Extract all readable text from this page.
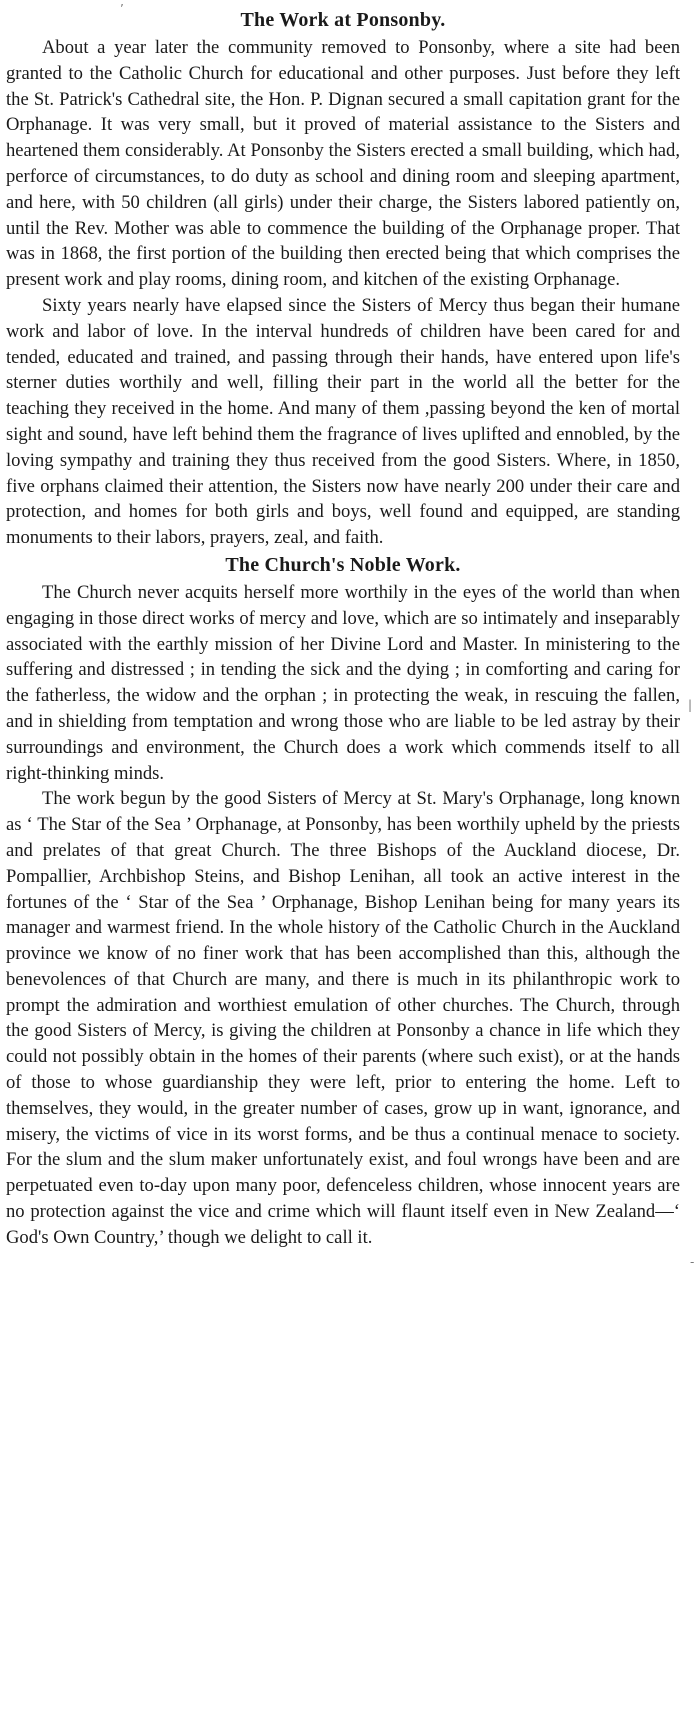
The Work at Ponsonby.

About a year later the community removed to Ponsonby, where a site had been granted to the Catholic Church for educational and other purposes. Just before they left the St. Patrick's Cathedral site, the Hon. P. Dignan secured a small capitation grant for the Orphanage. It was very small, but it proved of material assistance to the Sisters and heartened them considerably. At Ponsonby the Sisters erected a small building, which had, perforce of circumstances, to do duty as school and dining room and sleeping apartment, and here, with 50 children (all girls) under their charge, the Sisters labored patiently on, until the Rev. Mother was able to commence the building of the Orphanage proper. That was in 1868, the first portion of the building then erected being that which comprises the present work and play rooms, dining room, and kitchen of the existing Orphanage.

Sixty years nearly have elapsed since the Sisters of Mercy thus began their humane work and labor of love. In the interval hundreds of children have been cared for and tended, educated and trained, and passing through their hands, have entered upon life's sterner duties worthily and well, filling their part in the world all the better for the teaching they received in the home. And many of them ,passing beyond the ken of mortal sight and sound, have left behind them the fragrance of lives uplifted and ennobled, by the loving sympathy and training they thus received from the good Sisters. Where, in 1850, five orphans claimed their attention, the Sisters now have nearly 200 under their care and protection, and homes for both girls and boys, well found and equipped, are standing monuments to their labors, prayers, zeal, and faith.

The Church's Noble Work.

The Church never acquits herself more worthily in the eyes of the world than when engaging in those direct works of mercy and love, which are so intimately and inseparably associated with the earthly mission of her Divine Lord and Master. In ministering to the suffering and distressed ; in tending the sick and the dying ; in comforting and caring for the fatherless, the widow and the orphan ; in protecting the weak, in rescuing the fallen, and in shielding from temptation and wrong those who are liable to be led astray by their surroundings and environment, the Church does a work which commends itself to all right-thinking minds.

The work begun by the good Sisters of Mercy at St. Mary's Orphanage, long known as ‘ The Star of the Sea ’ Orphanage, at Ponsonby, has been worthily upheld by the priests and prelates of that great Church. The three Bishops of the Auckland diocese, Dr. Pompallier, Archbishop Steins, and Bishop Lenihan, all took an active interest in the fortunes of the ‘ Star of the Sea ’ Orphanage, Bishop Lenihan being for many years its manager and warmest friend. In the whole history of the Catholic Church in the Auckland province we know of no finer work that has been accomplished than this, although the benevolences of that Church are many, and there is much in its philanthropic work to prompt the admiration and worthiest emulation of other churches. The Church, through the good Sisters of Mercy, is giving the children at Ponsonby a chance in life which they could not possibly obtain in the homes of their parents (where such exist), or at the hands of those to whose guardianship they were left, prior to entering the home. Left to themselves, they would, in the greater number of cases, grow up in want, ignorance, and misery, the victims of vice in its worst forms, and be thus a continual menace to society. For the slum and the slum maker unfortunately exist, and foul wrongs have been and are perpetuated even to-day upon many poor, defenceless children, whose innocent years are no protection against the vice and crime which will flaunt itself even in New Zealand—‘ God's Own Country,’ though we delight to call it.

’
|
-
